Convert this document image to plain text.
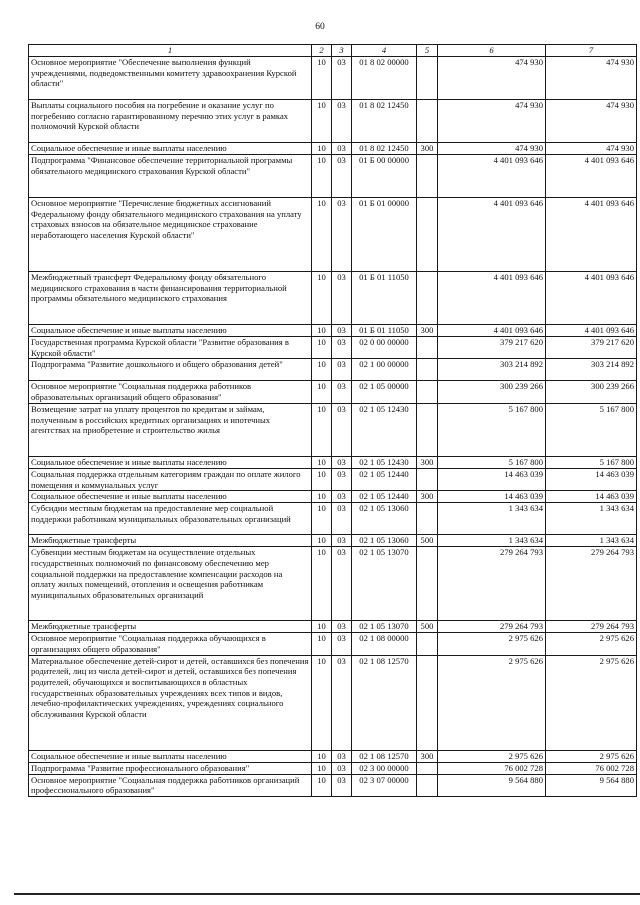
60
1	2	3	4	5	6	7
Основное мероприятие "Обеспечение выполнения функций учреждениями, подведомственными комитету здравоохранения Курской области"	10	03	01 8 02 00000		474 930	474 930
Выплаты социального пособия на погребение и оказание услуг по погребению согласно гарантированному перечню этих услуг в рамках полномочий Курской области	10	03	01 8 02 12450		474 930	474 930
Социальное обеспечение и иные выплаты населению	10	03	01 8 02 12450	300	474 930	474 930
Подпрограмма "Финансовое обеспечение территориальной программы обязательного медицинского страхования Курской области"	10	03	01 Б 00 00000		4 401 093 646	4 401 093 646
Основное мероприятие "Перечисление бюджетных ассигнований Федеральному фонду обязательного медицинского страхования на уплату страховых взносов на обязательное медицинское страхование неработающего населения Курской области"	10	03	01 Б 01 00000		4 401 093 646	4 401 093 646
Межбюджетный трансферт Федеральному фонду обязательного медицинского страхования в части финансирования территориальной программы обязательного медицинского страхования	10	03	01 Б 01 11050		4 401 093 646	4 401 093 646
Социальное обеспечение и иные выплаты населению	10	03	01 Б 01 11050	300	4 401 093 646	4 401 093 646
Государственная программа Курской области "Развитие образования в Курской области"	10	03	02 0 00 00000		379 217 620	379 217 620
Подпрограмма "Развитие дошкольного и общего образования детей"	10	03	02 1 00 00000		303 214 892	303 214 892
Основное мероприятие "Социальная поддержка работников образовательных организаций общего образования"	10	03	02 1 05 00000		300 239 266	300 239 266
Возмещение затрат на уплату процентов по кредитам и займам, полученным в российских кредитных организациях и ипотечных агентствах на приобретение и строительство жилья	10	03	02 1 05 12430		5 167 800	5 167 800
Социальное обеспечение и иные выплаты населению	10	03	02 1 05 12430	300	5 167 800	5 167 800
Социальная поддержка отдельным категориям граждан по оплате жилого помещения и коммунальных услуг	10	03	02 1 05 12440		14 463 039	14 463 039
Социальное обеспечение и иные выплаты населению	10	03	02 1 05 12440	300	14 463 039	14 463 039
Субсидии местным бюджетам на предоставление мер социальной поддержки работникам муниципальных образовательных организаций	10	03	02 1 05 13060		1 343 634	1 343 634
Межбюджетные трансферты	10	03	02 1 05 13060	500	1 343 634	1 343 634
Субвенции местным бюджетам на осуществление отдельных государственных полномочий по финансовому обеспечению мер социальной поддержки на предоставление компенсации расходов на оплату жилых помещений, отопления и освещения работникам муниципальных образовательных организаций	10	03	02 1 05 13070		279 264 793	279 264 793
Межбюджетные трансферты	10	03	02 1 05 13070	500	279 264 793	279 264 793
Основное мероприятие "Социальная поддержка обучающихся в организациях общего образования"	10	03	02 1 08 00000		2 975 626	2 975 626
Материальное обеспечение детей-сирот и детей, оставшихся без попечения родителей, лиц из числа детей-сирот и детей, оставшихся без попечения родителей, обучающихся и воспитывающихся в областных государственных образовательных учреждениях всех типов и видов, лечебно-профилактических учреждениях, учреждениях социального обслуживания Курской области	10	03	02 1 08 12570		2 975 626	2 975 626
Социальное обеспечение и иные выплаты населению	10	03	02 1 08 12570	300	2 975 626	2 975 626
Подпрограмма "Развитие профессионального образования"	10	03	02 3 00 00000		76 002 728	76 002 728
Основное мероприятие "Социальная поддержка работников организаций профессионального образования"	10	03	02 3 07 00000		9 564 880	9 564 880
